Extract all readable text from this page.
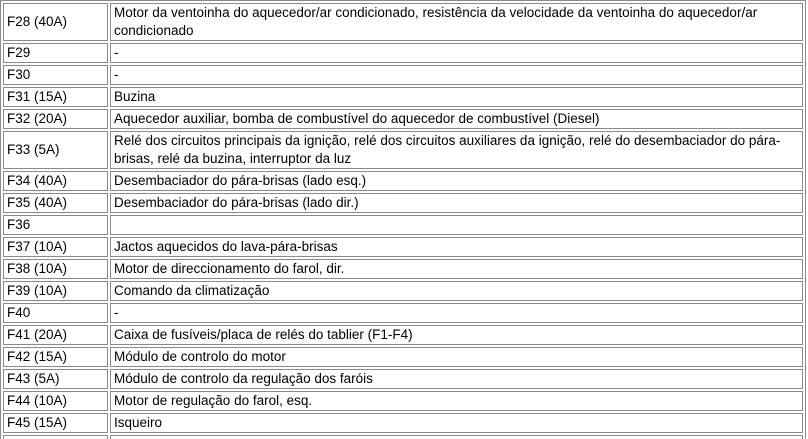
F28 (40A)	Motor da ventoinha do aquecedor/ar condicionado, resistência da velocidade da ventoinha do aquecedor/ar condicionado
F29	-
F30	-
F31 (15A)	Buzina
F32 (20A)	Aquecedor auxiliar, bomba de combustível do aquecedor de combustível (Diesel)
F33 (5A)	Relé dos circuitos principais da ignição, relé dos circuitos auxiliares da ignição, relé do desembaciador do pára-brisas, relé da buzina, interruptor da luz
F34 (40A)	Desembaciador do pára-brisas (lado esq.)
F35 (40A)	Desembaciador do pára-brisas (lado dir.)
F36	
F37 (10A)	Jactos aquecidos do lava-pára-brisas
F38 (10A)	Motor de direccionamento do farol, dir.
F39 (10A)	Comando da climatização
F40	-
F41 (20A)	Caixa de fusíveis/placa de relés do tablier (F1-F4)
F42 (15A)	Módulo de controlo do motor
F43 (5A)	Módulo de controlo da regulação dos faróis
F44 (10A)	Motor de regulação do farol, esq.
F45 (15A)	Isqueiro
